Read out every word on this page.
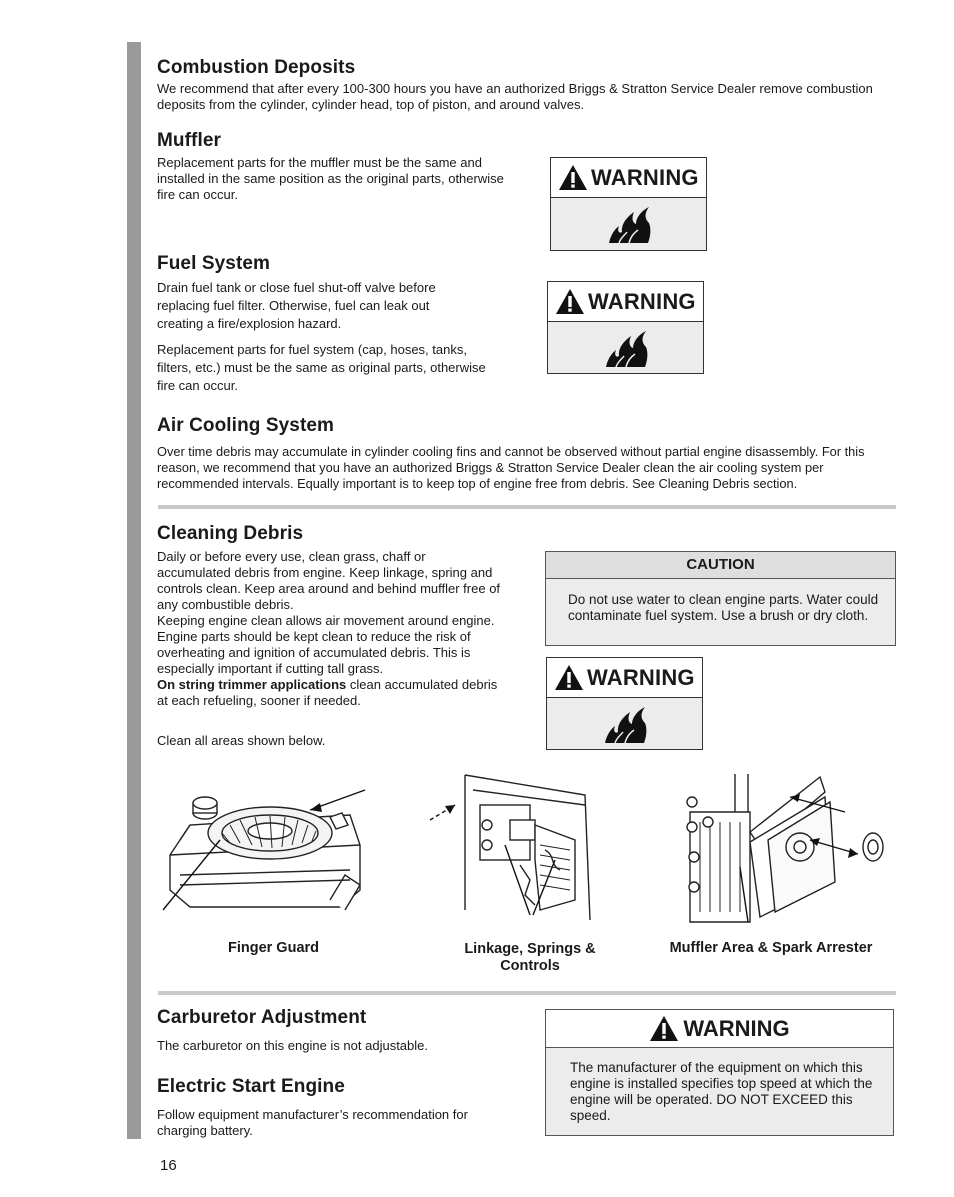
Combustion Deposits

We recommend that after every 100-300 hours you have an authorized Briggs & Stratton Service Dealer remove combustion deposits from the cylinder, cylinder head, top of piston, and around valves.

Muffler

Replacement parts for the muffler must be the same and installed in the same position as the original parts, otherwise fire can occur.

WARNING
Fuel System

Drain fuel tank or close fuel shut-off valve before replacing fuel filter. Otherwise, fuel can leak out creating a fire/explosion hazard.

Replacement parts for fuel system (cap, hoses, tanks, filters, etc.) must be the same as original parts, otherwise fire can occur.

WARNING
Air Cooling System

Over time debris may accumulate in cylinder cooling fins and cannot be observed without partial engine disassembly. For this reason, we recommend that you have an authorized Briggs & Stratton Service Dealer clean the air cooling system per recommended intervals. Equally important is to keep top of engine free from debris. See Cleaning Debris section.

Cleaning Debris
Daily or before every use, clean grass, chaff or accumulated debris from engine. Keep linkage, spring and controls clean. Keep area around and behind muffler free of any combustible debris.
Keeping engine clean allows air movement around engine.
Engine parts should be kept clean to reduce the risk of overheating and ignition of accumulated debris. This is especially important if cutting tall grass.
On string trimmer applications clean accumulated debris at each refueling, sooner if needed.

Clean all areas shown below.

CAUTION
Do not use water to clean engine parts. Water could contaminate fuel system. Use a brush or dry cloth.
WARNING
Finger Guard	Linkage, Springs & Controls
Muffler Area & Spark Arrester
Carburetor Adjustment

The carburetor on this engine is not adjustable.

Electric Start Engine

Follow equipment manufacturer’s recommendation for charging battery.

WARNING
The manufacturer of the equipment on which this engine is installed specifies top speed at which the engine will be operated. DO NOT EXCEED this speed.
16
